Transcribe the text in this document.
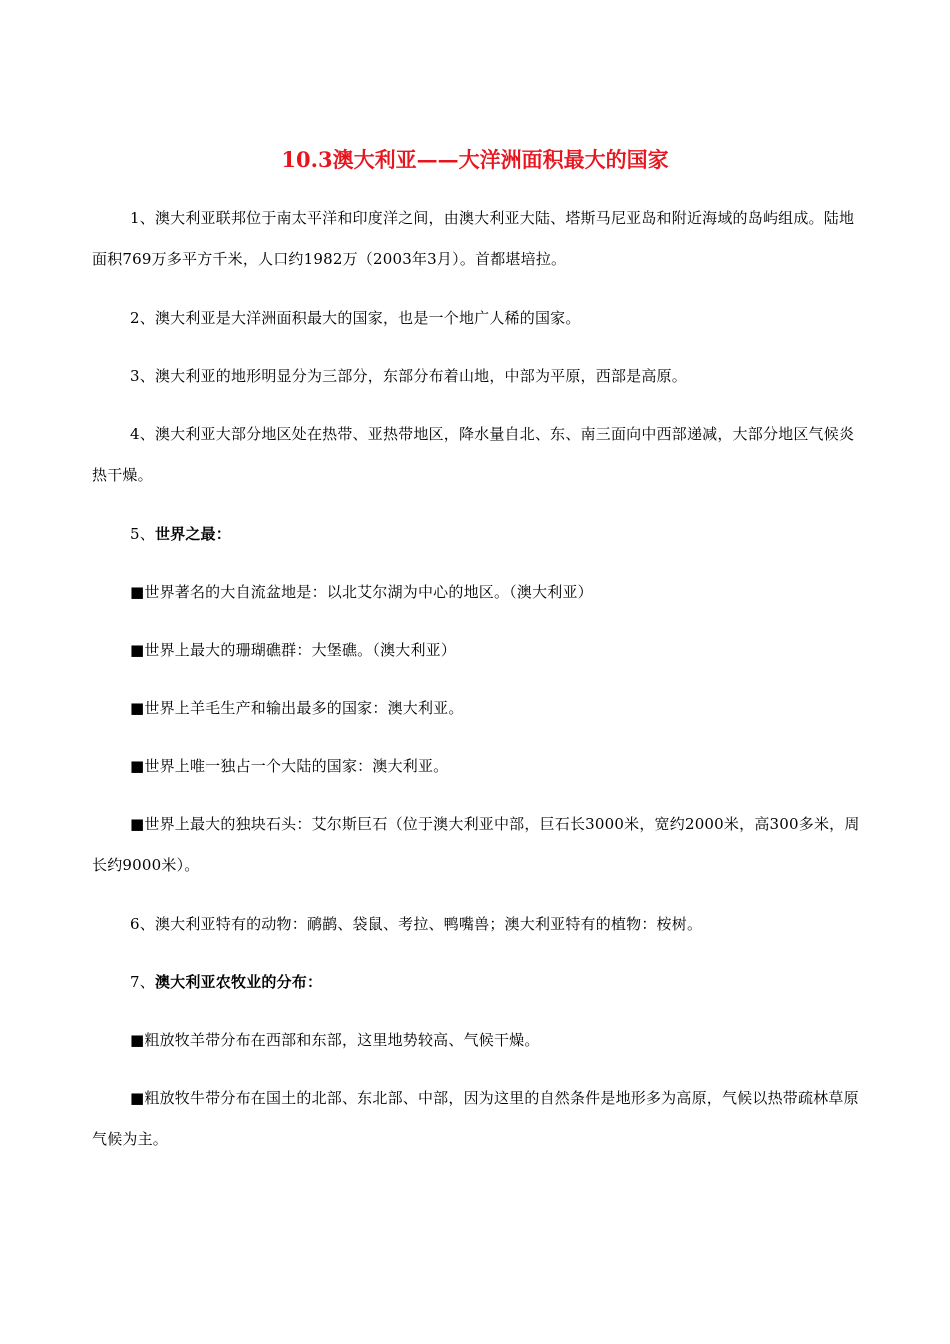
10.3澳大利亚——大洋洲面积最大的国家

1、澳大利亚联邦位于南太平洋和印度洋之间，由澳大利亚大陆、塔斯马尼亚岛和附近海域的岛屿组成。陆地面积769万多平方千米，人口约1982万（2003年3月）。首都堪培拉。

2、澳大利亚是大洋洲面积最大的国家，也是一个地广人稀的国家。

3、澳大利亚的地形明显分为三部分，东部分布着山地，中部为平原，西部是高原。

4、澳大利亚大部分地区处在热带、亚热带地区，降水量自北、东、南三面向中西部递减，大部分地区气候炎热干燥。

5、世界之最：

■世界著名的大自流盆地是：以北艾尔湖为中心的地区。（澳大利亚）

■世界上最大的珊瑚礁群：大堡礁。（澳大利亚）

■世界上羊毛生产和输出最多的国家：澳大利亚。

■世界上唯一独占一个大陆的国家：澳大利亚。

■世界上最大的独块石头：艾尔斯巨石（位于澳大利亚中部，巨石长3000米，宽约2000米，高300多米，周长约9000米）。

6、澳大利亚特有的动物：鸸鹋、袋鼠、考拉、鸭嘴兽；澳大利亚特有的植物：桉树。

7、澳大利亚农牧业的分布：

■粗放牧羊带分布在西部和东部，这里地势较高、气候干燥。

■粗放牧牛带分布在国土的北部、东北部、中部，因为这里的自然条件是地形多为高原，气候以热带疏林草原气候为主。
